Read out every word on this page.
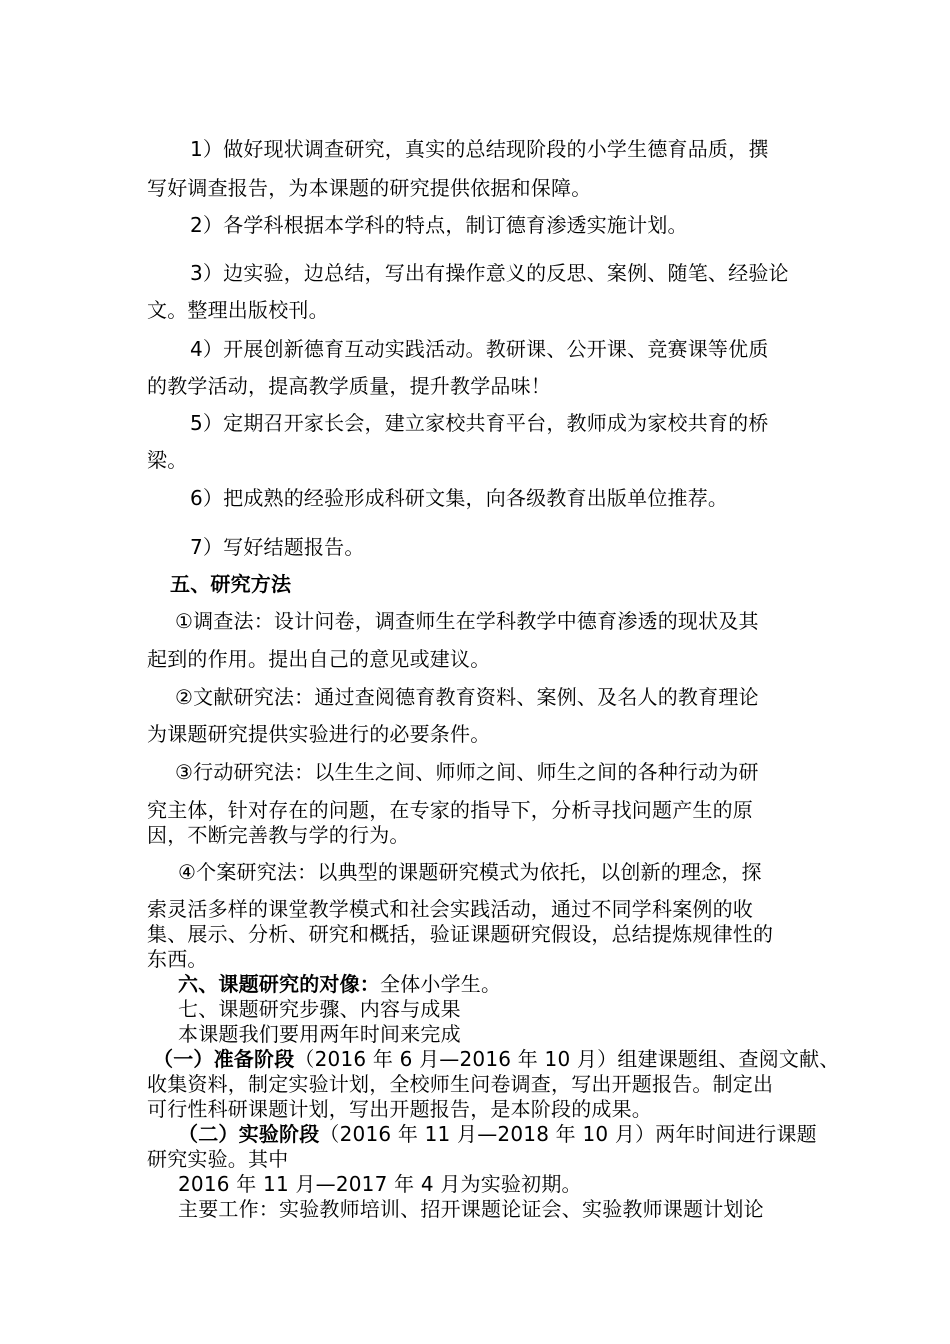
1）做好现状调查研究，真实的总结现阶段的小学生德育品质，撰
写好调查报告，为本课题的研究提供依据和保障。
2）各学科根据本学科的特点，制订德育渗透实施计划。
3）边实验，边总结，写出有操作意义的反思、案例、随笔、经验论
文。整理出版校刊。
4）开展创新德育互动实践活动。教研课、公开课、竞赛课等优质
的教学活动，提高教学质量，提升教学品味！
5）定期召开家长会，建立家校共育平台，教师成为家校共育的桥
梁。
6）把成熟的经验形成科研文集，向各级教育出版单位推荐。
7）写好结题报告。
五、研究方法
①调查法：设计问卷，调查师生在学科教学中德育渗透的现状及其
起到的作用。提出自己的意见或建议。
②文献研究法：通过查阅德育教育资料、案例、及名人的教育理论
为课题研究提供实验进行的必要条件。
③行动研究法：以生生之间、师师之间、师生之间的各种行动为研
究主体，针对存在的问题，在专家的指导下，分析寻找问题产生的原
因，不断完善教与学的行为。
④个案研究法：以典型的课题研究模式为依托，以创新的理念，探
索灵活多样的课堂教学模式和社会实践活动，通过不同学科案例的收
集、展示、分析、研究和概括，验证课题研究假设，总结提炼规律性的
东西。
六、课题研究的对像：全体小学生。
七、课题研究步骤、内容与成果
本课题我们要用两年时间来完成
（一）准备阶段（2016 年 6 月—2016 年 10 月）组建课题组、查阅文献、
收集资料，制定实验计划，全校师生问卷调查，写出开题报告。制定出
可行性科研课题计划，写出开题报告，是本阶段的成果。
（二）实验阶段（2016 年 11 月—2018 年 10 月）两年时间进行课题
研究实验。其中
2016 年 11 月—2017 年 4 月为实验初期。
主要工作：实验教师培训、招开课题论证会、实验教师课题计划论
